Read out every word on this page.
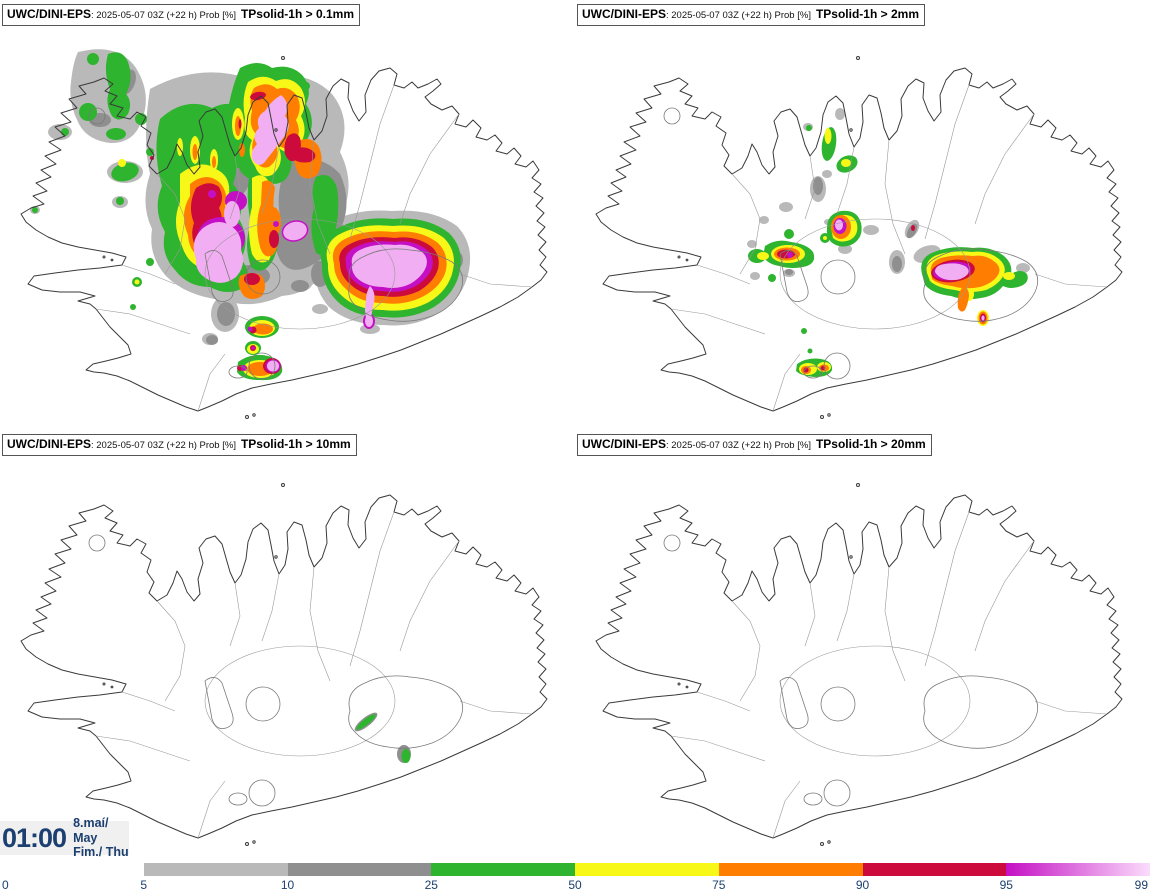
UWC/DINI-EPS: 2025-05-07 03Z (+22 h) Prob [%] TPsolid-1h > 0.1mm	UWC/DINI-EPS: 2025-05-07 03Z (+22 h) Prob [%] TPsolid-1h > 2mm
UWC/DINI-EPS: 2025-05-07 03Z (+22 h) Prob [%] TPsolid-1h > 10mm	UWC/DINI-EPS: 2025-05-07 03Z (+22 h) Prob [%] TPsolid-1h > 20mm
01:00 8.maí/ May
Fim./ Thu
0	5	10	25	50	75	90	95	99
